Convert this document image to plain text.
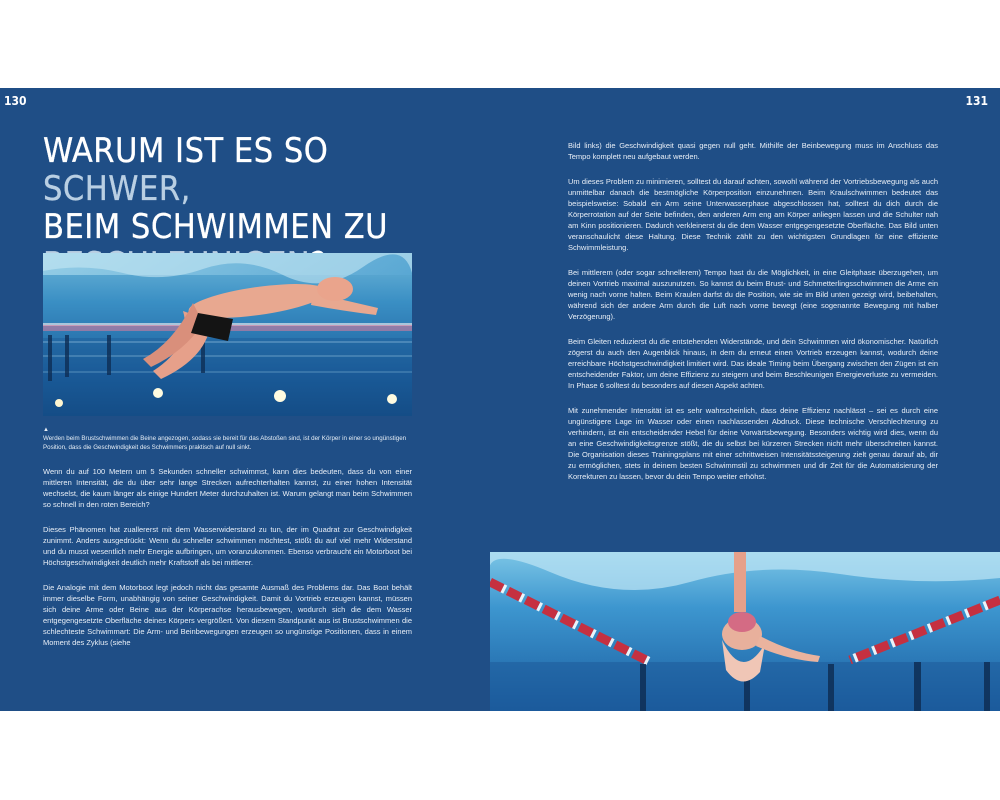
130	131
WARUM IST ES SO SCHWER,
BEIM SCHWIMMEN ZU

▲
Werden beim Brustschwimmen die Beine angezogen, sodass sie bereit für das Abstoßen sind, ist der Körper in einer so ungünstigen Position, dass die Geschwindigkeit des Schwimmers praktisch auf null sinkt.

Wenn du auf 100 Metern um 5 Sekunden schneller schwimmst, kann dies bedeuten, dass du von einer mittleren Intensität, die du über sehr lange Strecken aufrechterhalten kannst, zu einer hohen Intensität wechselst, die kaum länger als einige Hundert Meter durchzuhalten ist. Warum gelangt man beim Schwimmen so schnell in den roten Bereich?

Dieses Phänomen hat zuallererst mit dem Wasserwiderstand zu tun, der im Quadrat zur Geschwindigkeit zunimmt. Anders ausgedrückt: Wenn du schneller schwimmen möchtest, stößt du auf viel mehr Widerstand und du musst wesentlich mehr Energie aufbringen, um voranzukommen. Ebenso verbraucht ein Motorboot bei Höchstgeschwindigkeit deutlich mehr Kraftstoff als bei mittlerer.

Die Analogie mit dem Motorboot legt jedoch nicht das gesamte Ausmaß des Problems dar. Das Boot behält immer dieselbe Form, unabhängig von seiner Geschwindigkeit. Damit du Vortrieb erzeugen kannst, müssen sich deine Arme oder Beine aus der Körperachse herausbewegen, wodurch sich die dem Wasser entgegengesetzte Oberfläche deines Körpers vergrößert. Von diesem Standpunkt aus ist Brustschwimmen die schlechteste Schwimmart: Die Arm- und Beinbewegungen erzeugen so ungünstige Positionen, dass in einem Moment des Zyklus (siehe

Bild links) die Geschwindigkeit quasi gegen null geht. Mithilfe der Beinbewegung muss im Anschluss das Tempo komplett neu aufgebaut werden.

Um dieses Problem zu minimieren, solltest du darauf achten, sowohl während der Vortriebsbewegung als auch unmittelbar danach die bestmögliche Körperposition einzunehmen. Beim Kraulschwimmen bedeutet das beispielsweise: Sobald ein Arm seine Unterwasserphase abgeschlossen hat, solltest du dich durch die Körperrotation auf der Seite befinden, den anderen Arm eng am Körper anliegen lassen und die Schulter nah am Kinn positionieren. Dadurch verkleinerst du die dem Wasser entgegengesetzte Oberfläche. Das Bild unten veranschaulicht diese Haltung. Diese Technik zählt zu den wichtigsten Grundlagen für eine effiziente Schwimmleistung.

Bei mittlerem (oder sogar schnellerem) Tempo hast du die Möglichkeit, in eine Gleitphase überzugehen, um deinen Vortrieb maximal auszunutzen. So kannst du beim Brust- und Schmetterlingsschwimmen die Arme ein wenig nach vorne halten. Beim Kraulen darfst du die Position, wie sie im Bild unten gezeigt wird, beibehalten, während sich der andere Arm durch die Luft nach vorne bewegt (eine sogenannte Bewegung mit halber Verzögerung).

Beim Gleiten reduzierst du die entstehenden Widerstände, und dein Schwimmen wird ökonomischer. Natürlich zögerst du auch den Augenblick hinaus, in dem du erneut einen Vortrieb erzeugen kannst, wodurch deine erreichbare Höchstgeschwindigkeit limitiert wird. Das ideale Timing beim Übergang zwischen den Zügen ist ein entscheidender Faktor, um deine Effizienz zu steigern und beim Beschleunigen Energieverluste zu vermeiden. In Phase 6 solltest du besonders auf diesen Aspekt achten.

Mit zunehmender Intensität ist es sehr wahrscheinlich, dass deine Effizienz nachlässt – sei es durch eine ungünstigere Lage im Wasser oder einen nachlassenden Abdruck. Diese technische Verschlechterung zu verhindern, ist ein entscheidender Hebel für deine Vorwärtsbewegung. Besonders wichtig wird dies, wenn du an eine Geschwindigkeitsgrenze stößt, die du selbst bei kürzeren Strecken nicht mehr überschreiten kannst. Die Organisation dieses Trainingsplans mit einer schrittweisen Intensitätssteigerung zielt genau darauf ab, dir zu ermöglichen, stets in deinem besten Schwimmstil zu schwimmen und dir Zeit für die Automatisierung der Korrekturen zu lassen, bevor du dein Tempo weiter erhöhst.
